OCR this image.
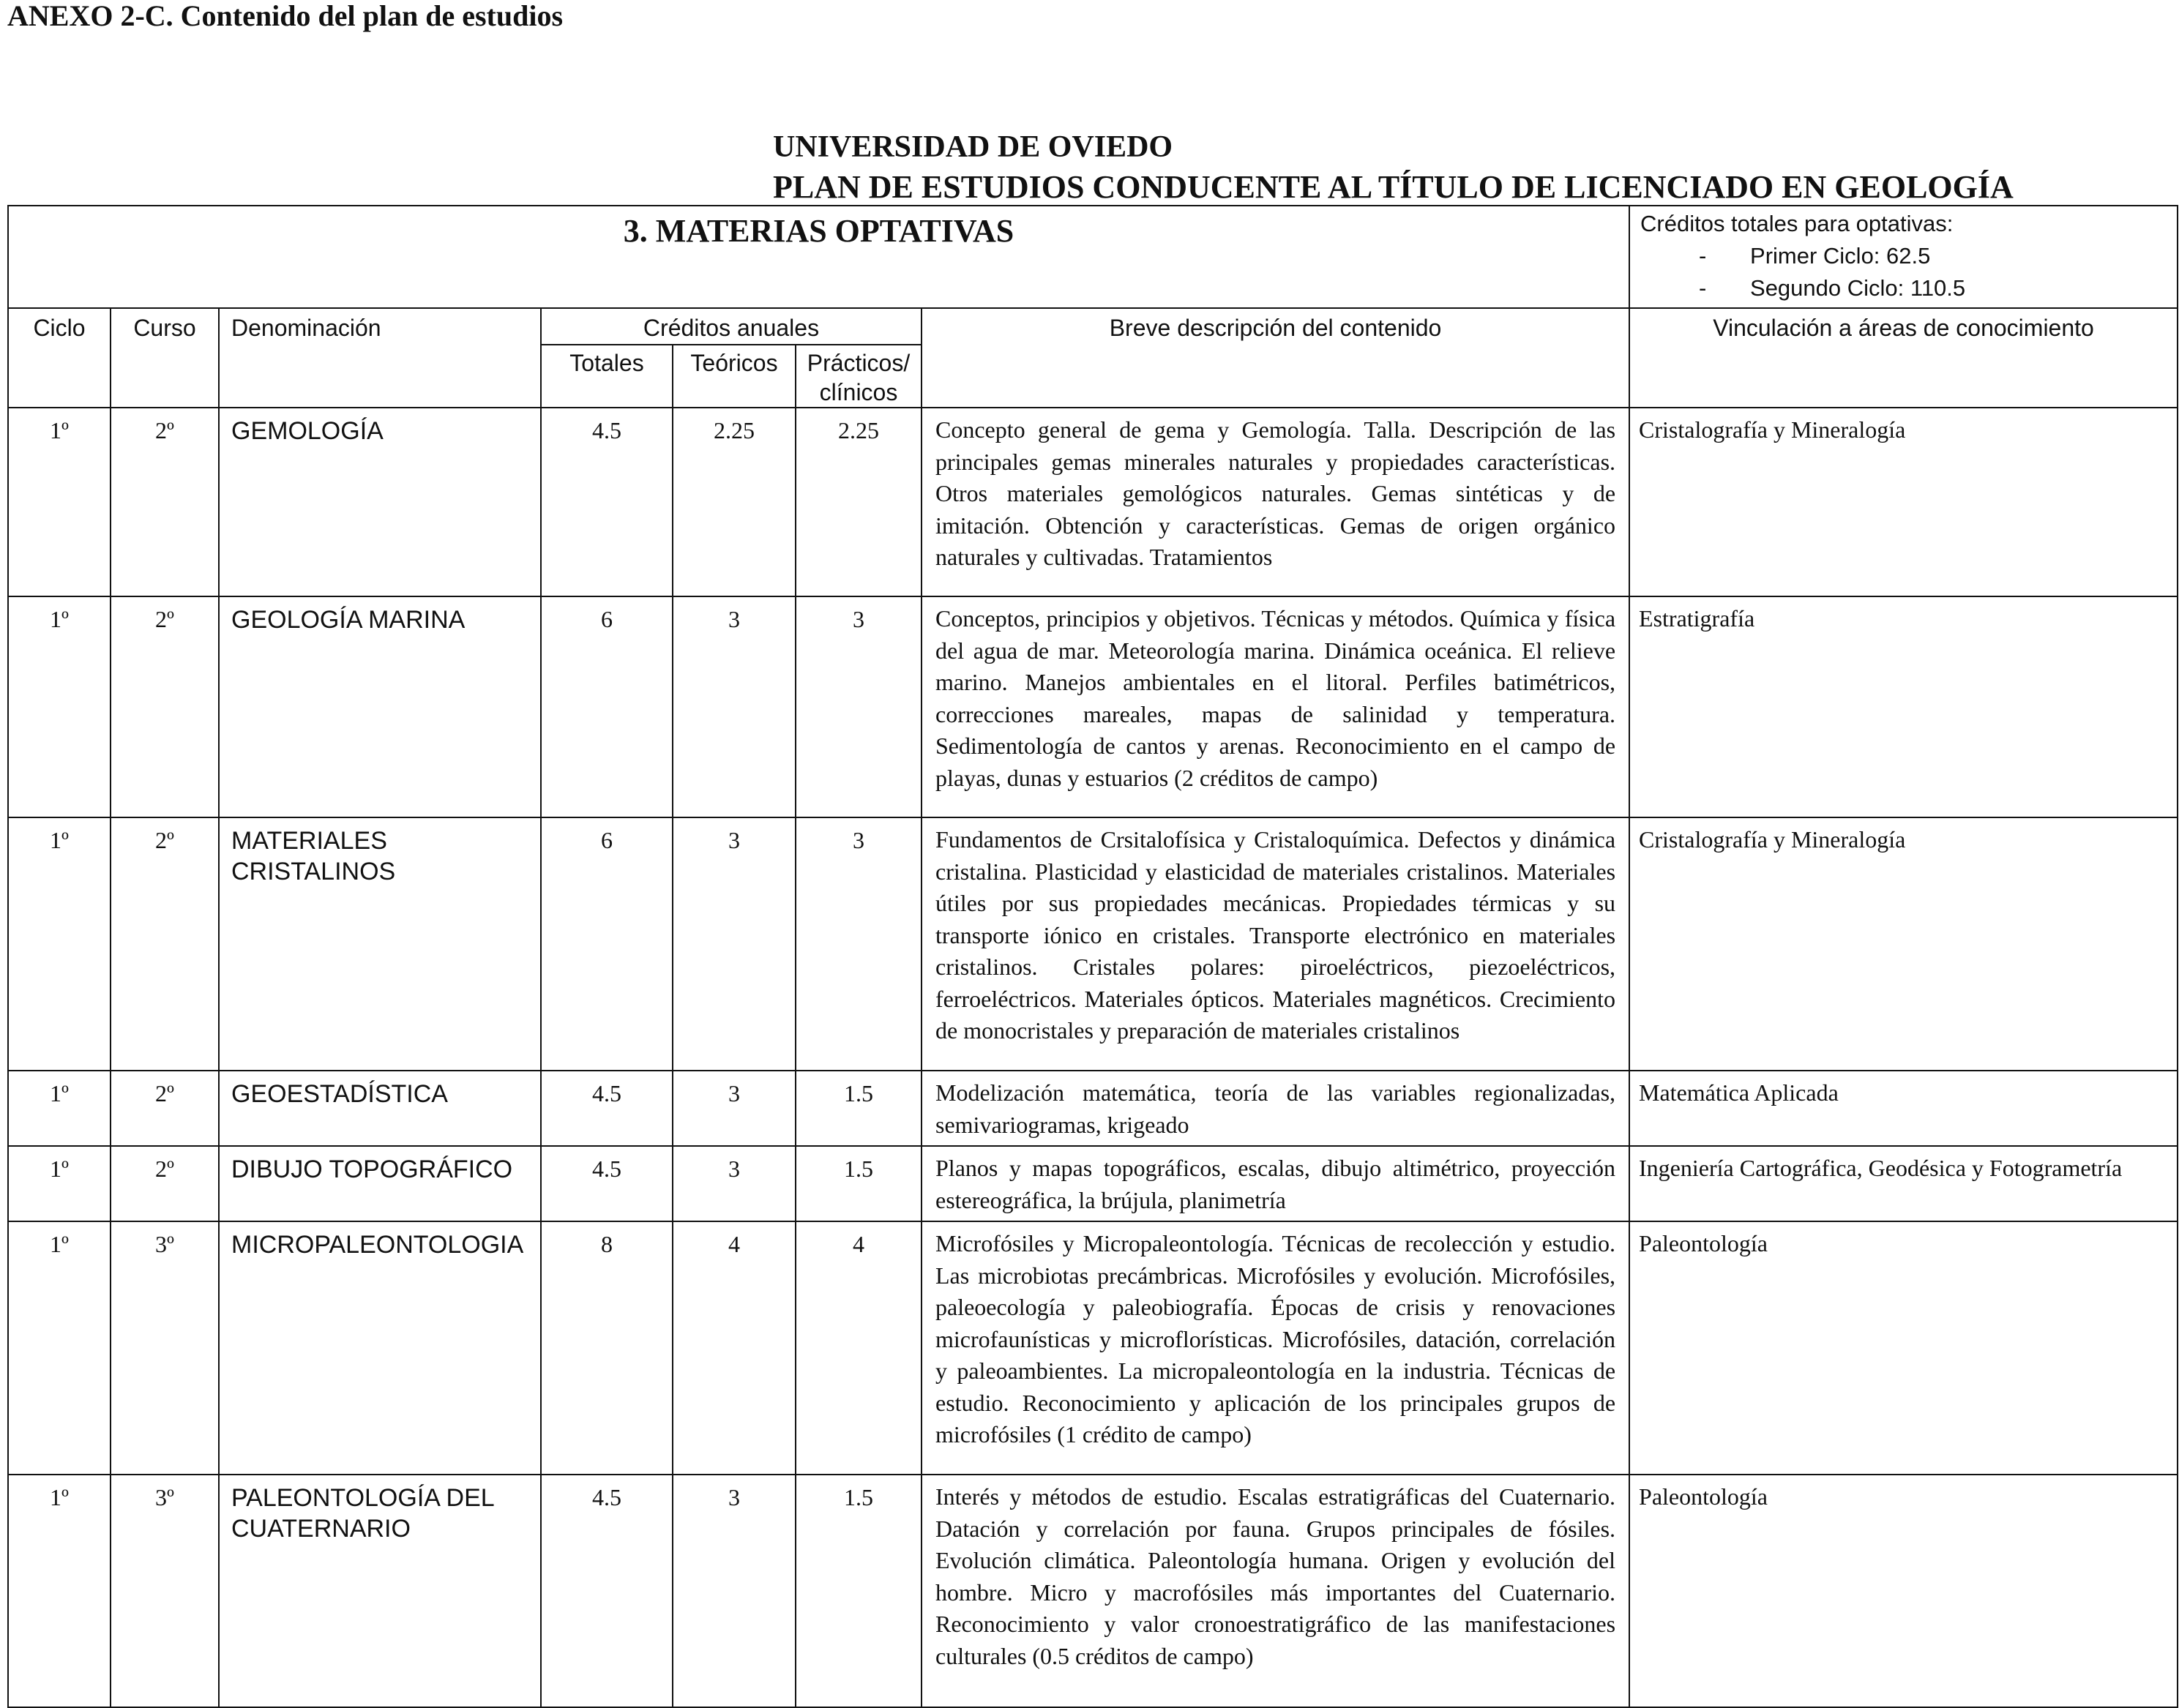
ANEXO 2-C. Contenido del plan de estudios
UNIVERSIDAD DE OVIEDO
PLAN DE ESTUDIOS CONDUCENTE AL TÍTULO DE LICENCIADO EN GEOLOGÍA
3. MATERIAS OPTATIVAS							Créditos totales para optativas:
- Primer Ciclo: 62.5
- Segundo Ciclo: 110.5

Ciclo	Curso	Denominación	Créditos anuales			Breve descripción del contenido	Vinculación a áreas de conocimiento
			Totales	Teóricos	Prácticos/ clínicos		
1º	2º	GEMOLOGÍA	4.5	2.25	2.25	Concepto general de gema y Gemología. Talla. Descripción de las principales gemas minerales naturales y propiedades características. Otros materiales gemológicos naturales. Gemas sintéticas y de imitación. Obtención y características. Gemas de origen orgánico naturales y cultivadas. Tratamientos	Cristalografía y Mineralogía
1º	2º	GEOLOGÍA MARINA	6	3	3	Conceptos, principios y objetivos. Técnicas y métodos. Química y física del agua de mar. Meteorología marina. Dinámica oceánica. El relieve marino. Manejos ambientales en el litoral. Perfiles batimétricos, correcciones mareales, mapas de salinidad y temperatura. Sedimentología de cantos y arenas. Reconocimiento en el campo de playas, dunas y estuarios (2 créditos de campo)	Estratigrafía
1º	2º	MATERIALES CRISTALINOS	6	3	3	Fundamentos de Crsitalofísica y Cristaloquímica. Defectos y dinámica cristalina. Plasticidad y elasticidad de materiales cristalinos. Materiales útiles por sus propiedades mecánicas. Propiedades térmicas y su transporte iónico en cristales. Transporte electrónico en materiales cristalinos. Cristales polares: piroeléctricos, piezoeléctricos, ferroeléctricos. Materiales ópticos. Materiales magnéticos. Crecimiento de monocristales y preparación de materiales cristalinos	Cristalografía y Mineralogía
1º	2º	GEOESTADÍSTICA	4.5	3	1.5	Modelización matemática, teoría de las variables regionalizadas, semivariogramas, krigeado	Matemática Aplicada
1º	2º	DIBUJO TOPOGRÁFICO	4.5	3	1.5	Planos y mapas topográficos, escalas, dibujo altimétrico, proyección estereográfica, la brújula, planimetría	Ingeniería Cartográfica, Geodésica y Fotogrametría
1º	3º	MICROPALEONTOLOGIA	8	4	4	Microfósiles y Micropaleontología. Técnicas de recolección y estudio. Las microbiotas precámbricas. Microfósiles y evolución. Microfósiles, paleoecología y paleobiografía. Épocas de crisis y renovaciones microfaunísticas y microflorísticas. Microfósiles, datación, correlación y paleoambientes. La micropaleontología en la industria. Técnicas de estudio. Reconocimiento y aplicación de los principales grupos de microfósiles (1 crédito de campo)	Paleontología
1º	3º	PALEONTOLOGÍA DEL CUATERNARIO	4.5	3	1.5	Interés y métodos de estudio. Escalas estratigráficas del Cuaternario. Datación y correlación por fauna. Grupos principales de fósiles. Evolución climática. Paleontología humana. Origen y evolución del hombre. Micro y macrofósiles más importantes del Cuaternario. Reconocimiento y valor cronoestratigráfico de las manifestaciones culturales (0.5 créditos de campo)	Paleontología
